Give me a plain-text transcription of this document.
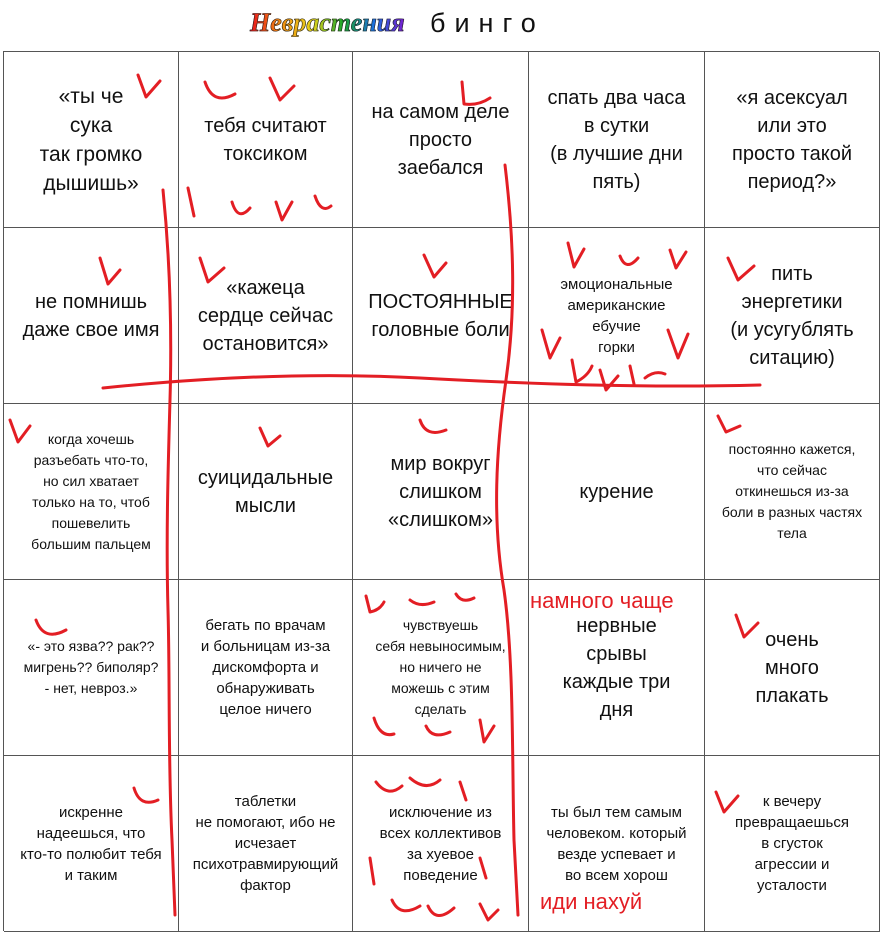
Неврастения бинго
«ты че
сука
так громко
дышишь»
тебя считают
токсиком
на самом деле
просто
заебался
спать два часа
в сутки
(в лучшие дни
пять)
«я асексуал
или это
просто такой
период?»
не помнишь
даже свое имя
«кажеца
сердце сейчас
остановится»
ПОСТОЯННЫЕ
головные боли
эмоциональные
американские
ебучие
горки
пить
энергетики
(и усугублять
ситацию)
когда хочешь
разъебать что-то,
но сил хватает
только на то, чтоб
пошевелить
большим пальцем
суицидальные
мысли
мир вокруг
слишком
«слишком»
курение
постоянно кажется,
что сейчас
откинешься из-за
боли в разных частях
тела
«- это язва?? рак??
мигрень?? биполяр?
- нет, невроз.»
бегать по врачам
и больницам из-за
дискомфорта и
обнаруживать
целое ничего
чувствуешь
себя невыносимым,
но ничего не
можешь с этим
сделать
нервные
срывы
каждые три
дня
очень
много
плакать
искренне
надеешься, что
кто-то полюбит тебя
и таким
таблетки
не помогают, ибо не
исчезает
психотравмирующий
фактор
исключение из
всех коллективов
за хуевое
поведение
ты был тем самым
человеком. который
везде успевает и
во всем хорош
к вечеру
превращаешься
в сгусток
агрессии и
усталости
намного чаще
иди нахуй
